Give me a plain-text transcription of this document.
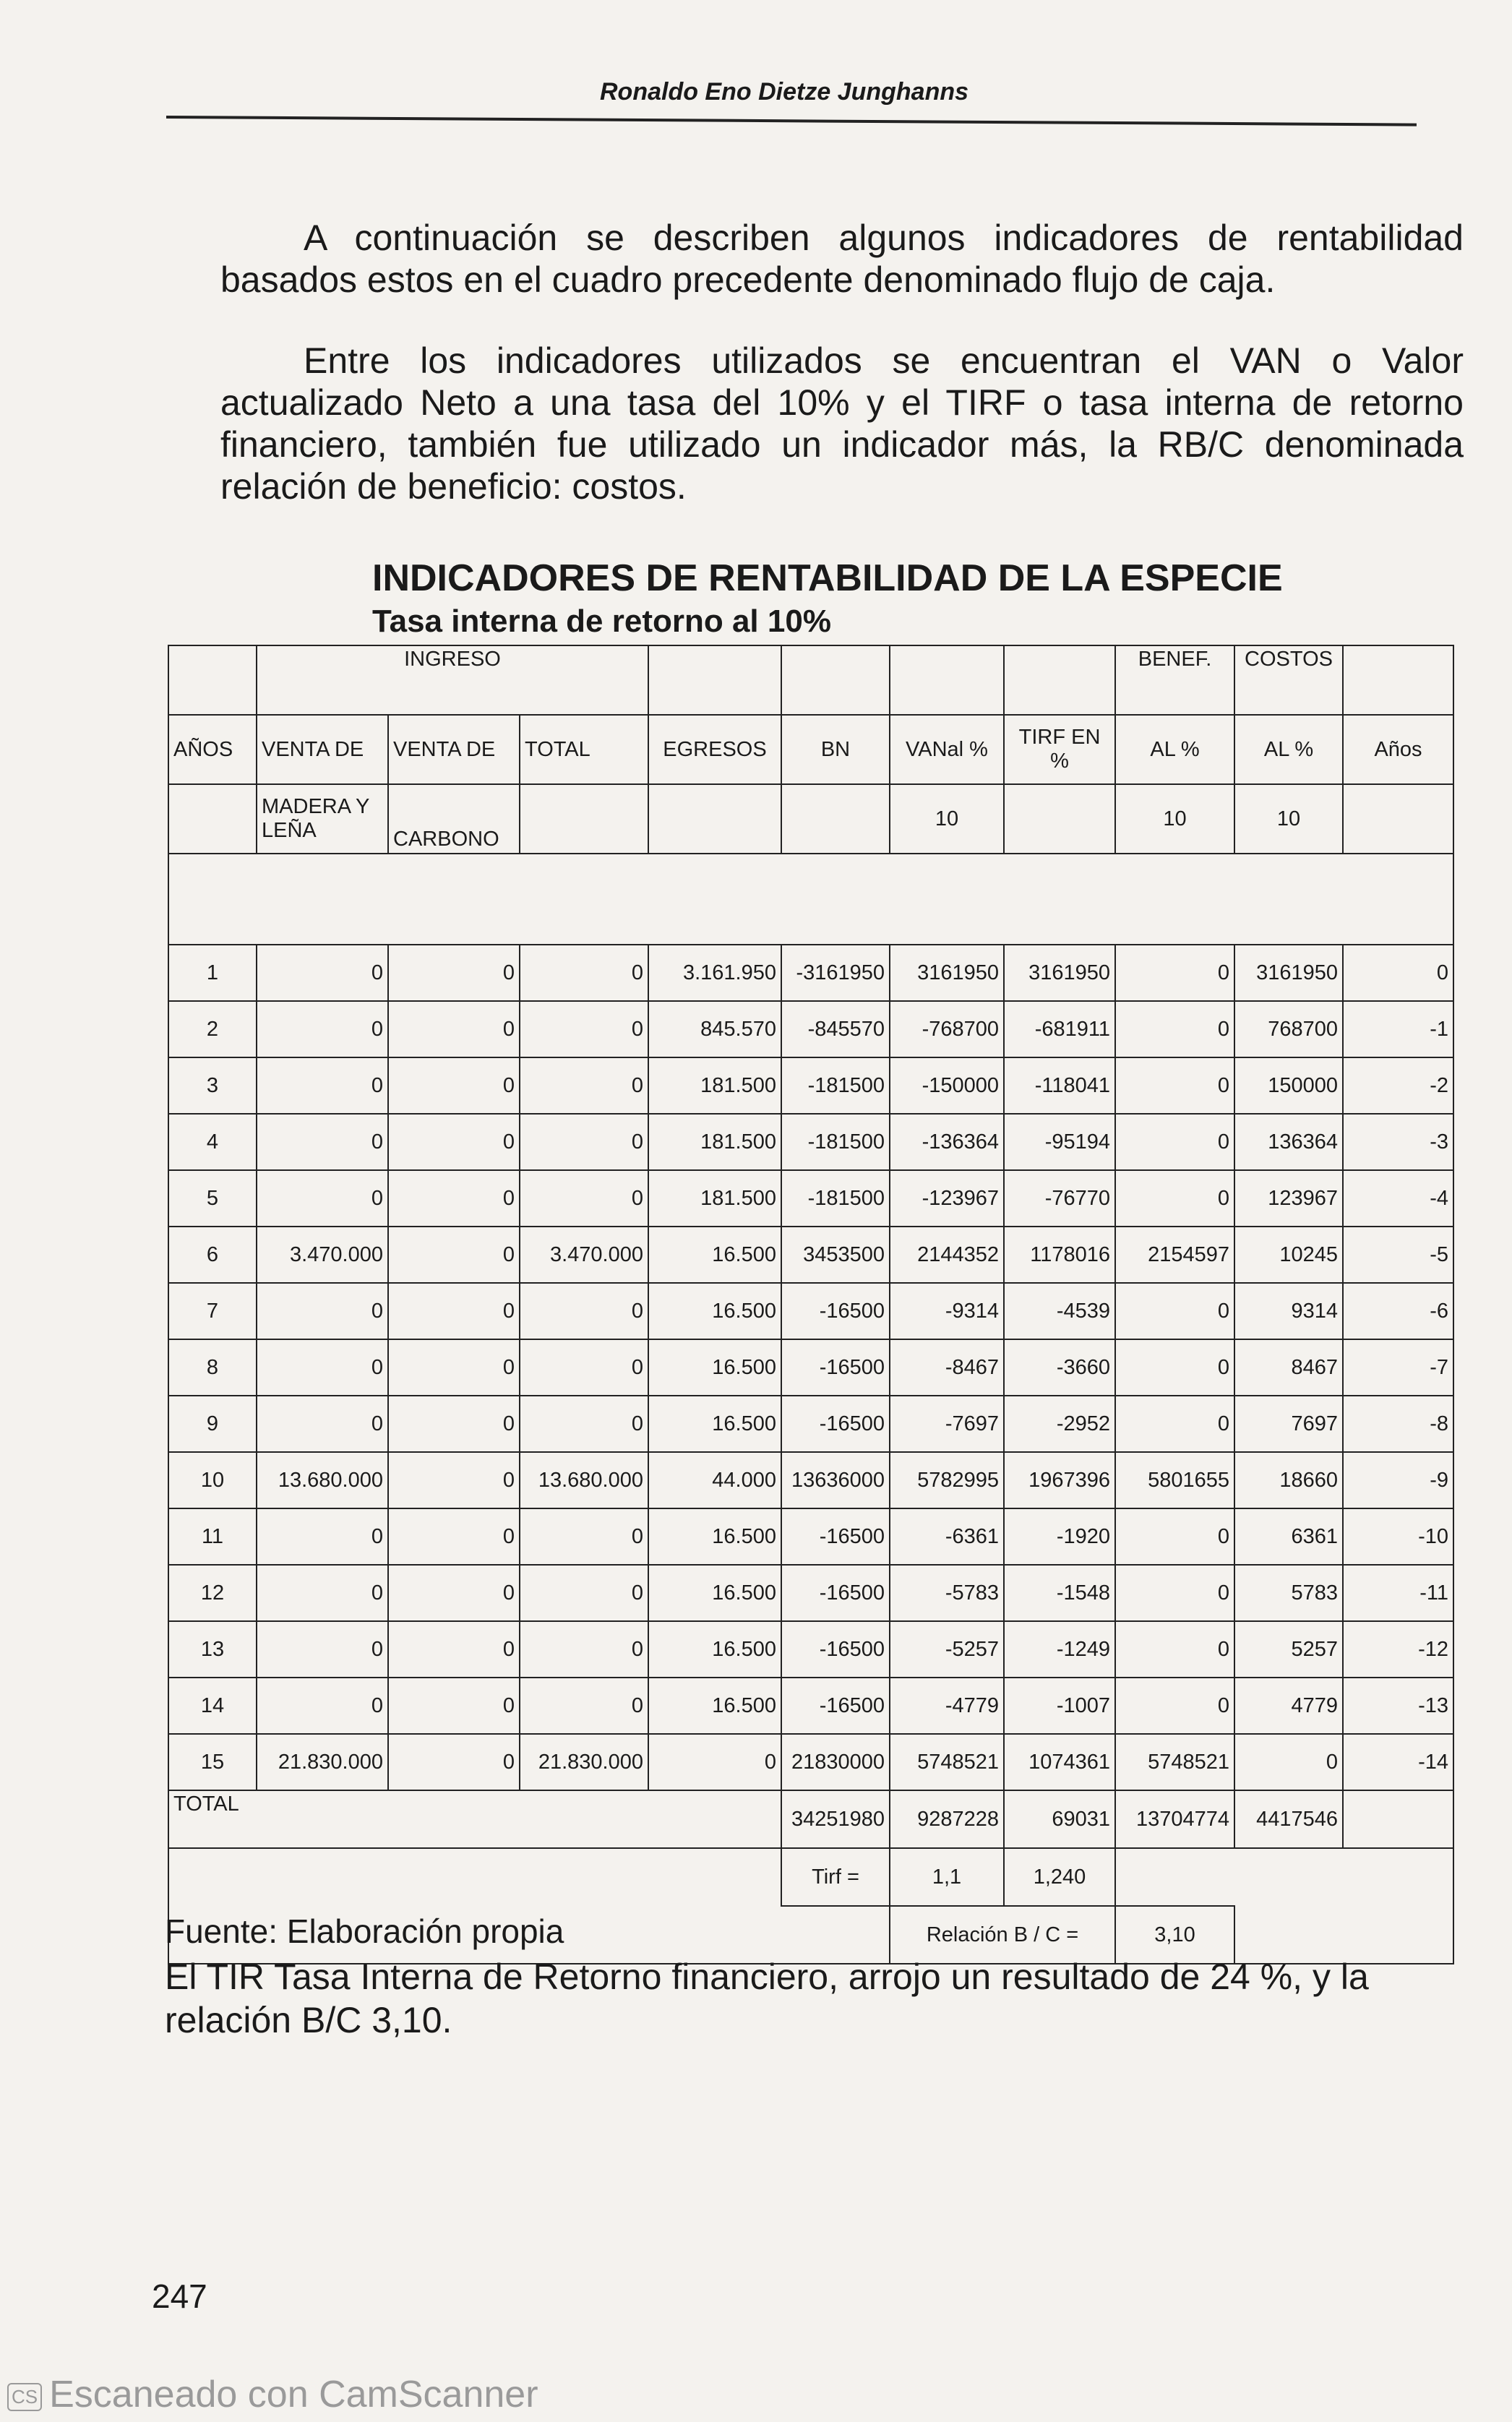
Ronaldo Eno Dietze Junghanns
A continuación se describen algunos indicadores de rentabilidad basados estos en el cuadro precedente denominado flujo de caja.
Entre los indicadores utilizados se encuentran el VAN o Valor actualizado Neto a una tasa del 10% y el TIRF o tasa interna de retorno financiero, también fue utilizado un indicador más, la RB/C denominada relación de beneficio: costos.
INDICADORES DE RENTABILIDAD DE LA ESPECIE
Tasa interna de retorno al 10%
	INGRESO							BENEF.	COSTOS	
AÑOS	VENTA DE	VENTA DE	TOTAL	EGRESOS	BN	VANal %	TIRF EN %	AL %	AL %	Años
	MADERA Y LEÑA	CARBONO				10		10	10	

1	0	0	0	3.161.950	-3161950	3161950	3161950	0	3161950	0
2	0	0	0	845.570	-845570	-768700	-681911	0	768700	-1
3	0	0	0	181.500	-181500	-150000	-118041	0	150000	-2
4	0	0	0	181.500	-181500	-136364	-95194	0	136364	-3
5	0	0	0	181.500	-181500	-123967	-76770	0	123967	-4
6	3.470.000	0	3.470.000	16.500	3453500	2144352	1178016	2154597	10245	-5
7	0	0	0	16.500	-16500	-9314	-4539	0	9314	-6
8	0	0	0	16.500	-16500	-8467	-3660	0	8467	-7
9	0	0	0	16.500	-16500	-7697	-2952	0	7697	-8
10	13.680.000	0	13.680.000	44.000	13636000	5782995	1967396	5801655	18660	-9
11	0	0	0	16.500	-16500	-6361	-1920	0	6361	-10
12	0	0	0	16.500	-16500	-5783	-1548	0	5783	-11
13	0	0	0	16.500	-16500	-5257	-1249	0	5257	-12
14	0	0	0	16.500	-16500	-4779	-1007	0	4779	-13
15	21.830.000	0	21.830.000	0	21830000	5748521	1074361	5748521	0	-14
TOTAL					34251980	9287228	69031	13704774	4417546	
					Tirf =	1,1	1,240			
						Relación B / C =		3,10		
Fuente: Elaboración propia
El TIR Tasa Interna de Retorno financiero, arrojo un resultado de 24 %, y la relación B/C 3,10.
247
CS Escaneado con CamScanner
